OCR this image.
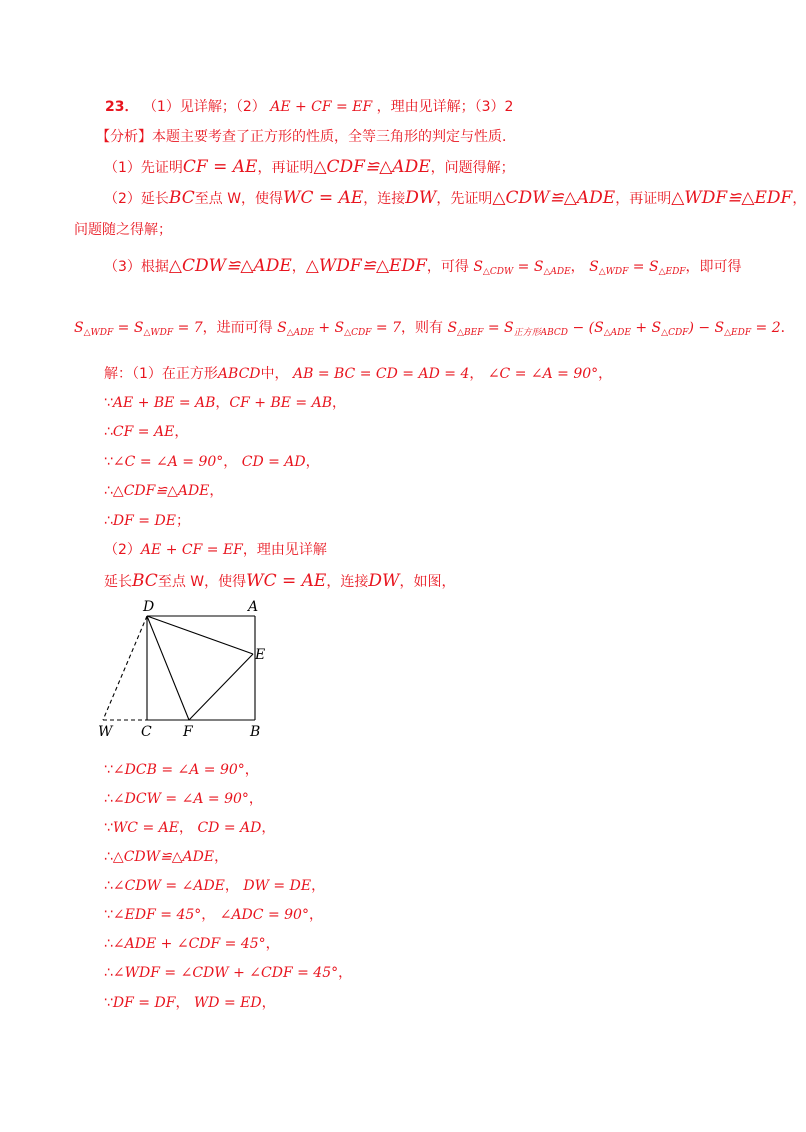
23． （1）见详解；（2） AE + CF = EF ，理由见详解；（3）2
【分析】本题主要考查了正方形的性质，全等三角形的判定与性质．
（1）先证明CF = AE，再证明△CDF≌△ADE，问题得解；
（2）延长BC至点 W，使得WC = AE，连接DW，先证明△CDW≌△ADE，再证明△WDF≌△EDF，
问题随之得解；
（3）根据△CDW≌△ADE，△WDF≌△EDF，可得 $S_{\triangle CDW} = S_{\triangle ADE}$， $S_{\triangle WDF} = S_{\triangle EDF}$，即可得
$S_{\triangle WDF} = S_{\triangle WDF} = 7$，进而可得 $S_{\triangle ADE} + S_{\triangle CDF} = 7$，则有 $S_{\triangle BEF} = S_{正方形ABCD} - (S_{\triangle ADE} + S_{\triangle CDF}) - S_{\triangle EDF} = 2$．
解：（1）在正方形ABCD中， AB = BC = CD = AD = 4， ∠C = ∠A = 90°，
∵AE + BE = AB，CF + BE = AB，
∴CF = AE，
∵∠C = ∠A = 90°， CD = AD，
∴△CDF≌△ADE，
∴DF = DE；
（2）AE + CF = EF，理由见详解
延长BC至点 W，使得WC = AE，连接DW，如图，
D	A
E
W C F	B
∵∠DCB = ∠A = 90°，
∴∠DCW = ∠A = 90°，
∵WC = AE， CD = AD，
∴△CDW≌△ADE，
∴∠CDW = ∠ADE， DW = DE，
∵∠EDF = 45°， ∠ADC = 90°，
∴∠ADE + ∠CDF = 45°，
∴∠WDF = ∠CDW + ∠CDF = 45°，
∵DF = DF， WD = ED，
